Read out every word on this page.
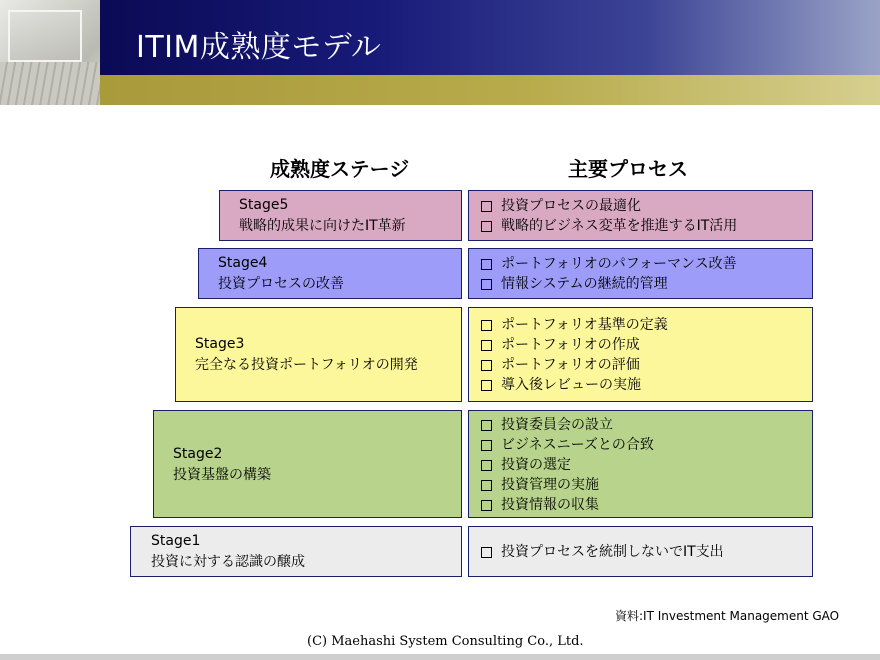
ITIM成熟度モデル
成熟度ステージ	主要プロセス
Stage5
戦略的成果に向けたIT革新
投資プロセスの最適化
戦略的ビジネス変革を推進するIT活用
Stage4
投資プロセスの改善
ポートフォリオのパフォーマンス改善
情報システムの継続的管理
Stage3
完全なる投資ポートフォリオの開発
ポートフォリオ基準の定義
ポートフォリオの作成
ポートフォリオの評価
導入後レビューの実施
Stage2
投資基盤の構築
投資委員会の設立
ビジネスニーズとの合致
投資の選定
投資管理の実施
投資情報の収集
Stage1
投資に対する認識の醸成
投資プロセスを統制しないでIT支出
資料:IT Investment Management GAO
(C) Maehashi System Consulting Co., Ltd.
